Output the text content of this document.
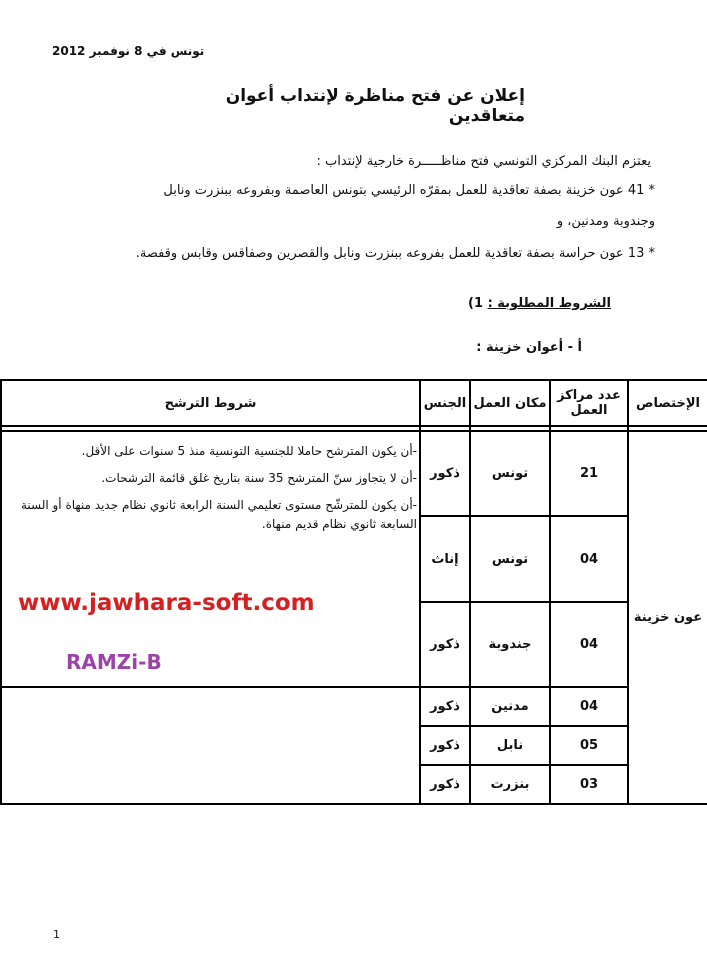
تونس في 8 نوفمبر 2012
إعلان عن فتح مناظرة لإنتداب أعوان متعاقدين
يعتزم البنك المركزي التونسي فتح مناظـــــرة خارجية لإنتداب :
* 41 عون خزينة بصفة تعاقدية للعمل بمقرّه الرئيسي بتونس العاصمة وبفروعه ببنزرت ونابل
وجندوبة ومدنين، و
* 13 عون حراسة بصفة تعاقدية للعمل بفروعه ببنزرت ونابل والقصرين وصفاقس وقابس وقفصة.
الشروط المطلوبة : 1)
أ - أعوان خزينة :
الإختصاص	عدد مراكز العمل	مكان العمل	الجنس	شروط الترشح

عون خزينة	21	تونس	ذكور	-أن يكون المترشح حاملا للجنسية التونسية منذ 5 سنوات على الأقل.
-أن لا يتجاوز سنّ المترشح 35 سنة بتاريخ غلق قائمة الترشحات.
-أن يكون للمترشّح مستوى تعليمي السنة الرابعة ثانوي نظام جديد منهاة أو السنة السابعة ثانوي نظام قديم منهاة.

	04	تونس	إناث	
	04	جندوبة	ذكور	
	04	مدنين	ذكور	
	05	نابل	ذكور	
	03	بنزرت	ذكور	
www.jawhara-soft.com
RAMZi-B
1
